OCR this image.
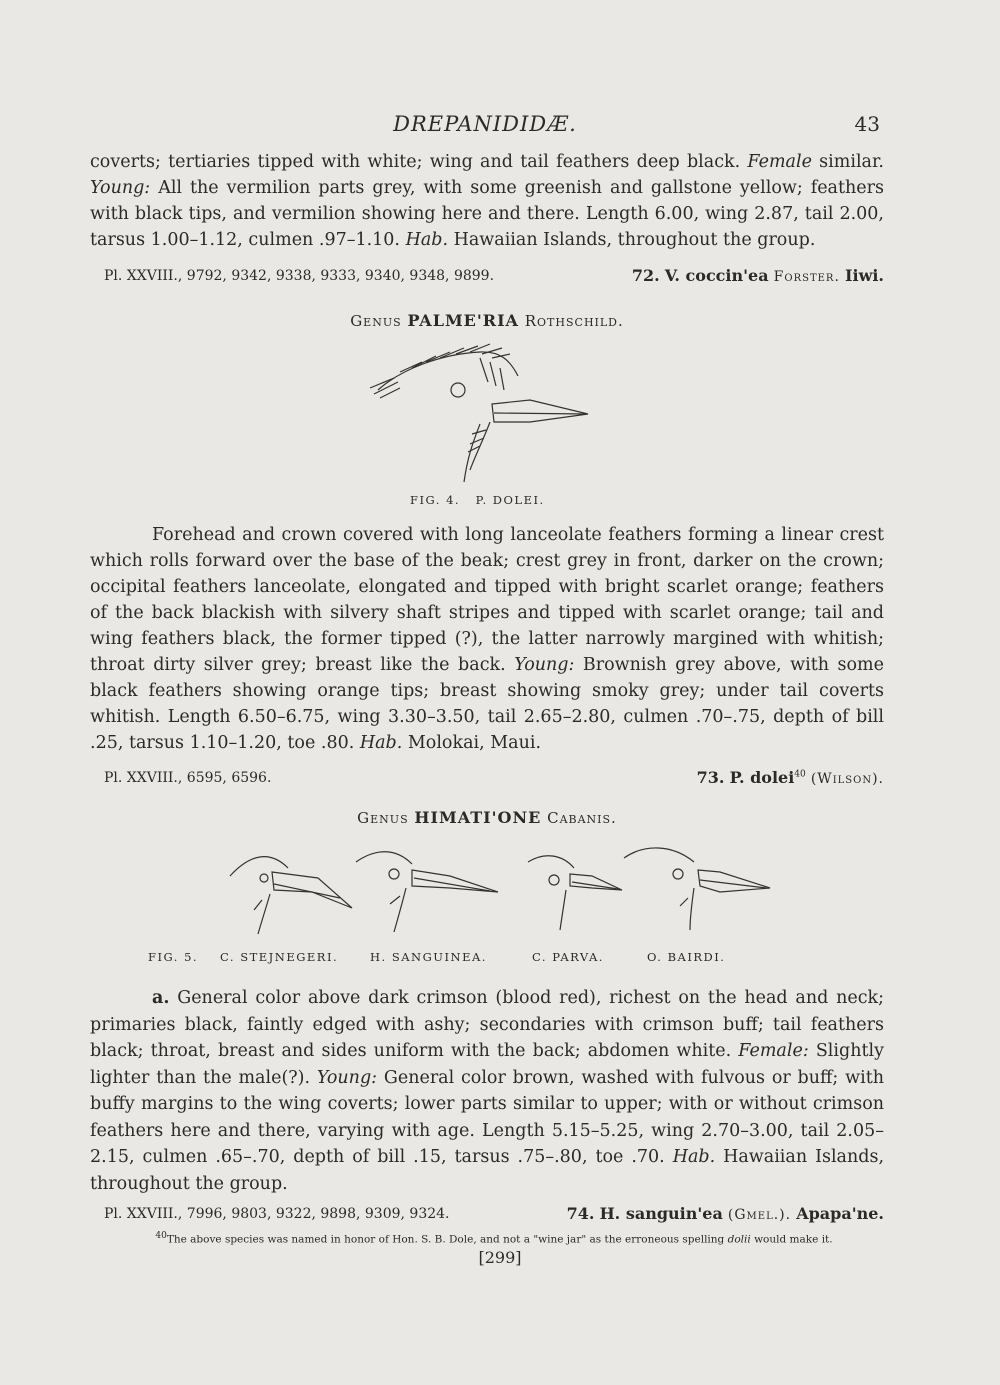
DREPANIDIDÆ.	43

coverts; tertiaries tipped with white; wing and tail feathers deep black. Female similar. Young: All the vermilion parts grey, with some greenish and gallstone yellow; feathers with black tips, and vermilion showing here and there. Length 6.00, wing 2.87, tail 2.00, tarsus 1.00–1.12, culmen .97–1.10. Hab. Hawaiian Islands, throughout the group.

Pl. XXVIII., 9792, 9342, 9338, 9333, 9340, 9348, 9899.	72. V. coccin'ea Forster. Iiwi.
Genus PALME'RIA Rothschild.
FIG. 4. P. DOLEI.

Forehead and crown covered with long lanceolate feathers forming a linear crest which rolls forward over the base of the beak; crest grey in front, darker on the crown; occipital feathers lanceolate, elongated and tipped with bright scarlet orange; feathers of the back blackish with silvery shaft stripes and tipped with scarlet orange; tail and wing feathers black, the former tipped (?), the latter narrowly margined with whitish; throat dirty silver grey; breast like the back. Young: Brownish grey above, with some black feathers showing orange tips; breast showing smoky grey; under tail coverts whitish. Length 6.50–6.75, wing 3.30–3.50, tail 2.65–2.80, culmen .70–.75, depth of bill .25, tarsus 1.10–1.20, toe .80. Hab. Molokai, Maui.

Pl. XXVIII., 6595, 6596.	73. P. dolei$^{40}$ (Wilson).
Genus HIMATI'ONE Cabanis.
FIG. 5. C. STEJNEGERI.	H. SANGUINEA.	C. PARVA.	O. BAIRDI.

a. General color above dark crimson (blood red), richest on the head and neck; primaries black, faintly edged with ashy; secondaries with crimson buff; tail feathers black; throat, breast and sides uniform with the back; abdomen white. Female: Slightly lighter than the male(?). Young: General color brown, washed with fulvous or buff; with buffy margins to the wing coverts; lower parts similar to upper; with or without crimson feathers here and there, varying with age. Length 5.15–5.25, wing 2.70–3.00, tail 2.05–2.15, culmen .65–.70, depth of bill .15, tarsus .75–.80, toe .70. Hab. Hawaiian Islands, throughout the group.

Pl. XXVIII., 7996, 9803, 9322, 9898, 9309, 9324.	74. H. sanguin'ea (Gmel.). Apapa'ne.
$^{40}$The above species was named in honor of Hon. S. B. Dole, and not a "wine jar" as the erroneous spelling dolii would make it.
[299]
